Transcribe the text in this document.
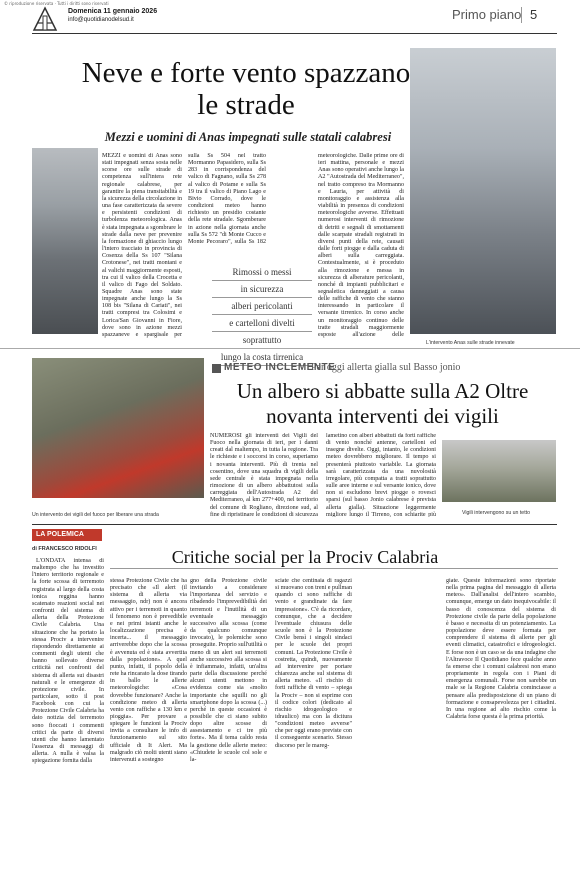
© riproduzione riservata · Tutti i diritti sono riservati
Domenica 11 gennaio 2026
info@quotidianodelsud.it	Primo piano 5
Neve e forte vento spazzano le strade
Mezzi e uomini di Anas impegnati sulle statali calabresi
L'intervento Anas sulle strade innevate
MEZZI e uomini di Anas sono stati impegnati senza sosta nelle scorse ore sulle strade di competenza sull'intera rete regionale calabrese, per garantire la piena transitabilità e la sicurezza della circolazione in una fase caratterizzata da severe e persistenti condizioni di turbolenza meteorologica. Anas è stata impegnata a sgombrare le strade dalla neve per prevenire la formazione di ghiaccio lungo l'intero tracciato in provincia di Cosenza della Ss 107 "Silana Crotonese", nei tratti montani e al valichi maggiormente esposti, tra cui il valico della Crocetta e il valico di Fago del Soldato. Squadre Anas sono state impegnate anche lungo la Ss 108 bis "Silana di Cariati", nei tratti compresi tra Colosimi e Lorica/San Giovanni in Fiore, dove sono in azione mezzi spazzaneve e spargisale per
sulla Ss 504 nel tratto Mormanno Papasidero, sulla Ss 283 in corrispondenza del valico di Fagnano, sulla Ss 278 al valico di Potame e sulla Ss 19 tra il valico di Piano Lago e Bivio Corrado, dove le condizioni meteo hanno richiesto un presidio costante della rete stradale. Sgomberare in azione nella giornata anche sulla Ss 572 "di Monte Cucco e Monte Pecoraro", sulla Ss 182
Rimossi o messi
in sicurezza
alberi pericolanti
e cartelloni divelti
soprattutto
lungo la costa tirrenica
meteorologiche. Dalle prime ore di ieri mattina, personale e mezzi Anas sono operativi anche lungo la A2 "Autostrada del Mediterraneo", nel tratto compreso tra Mormanno e Lauria, per attività di monitoraggio e assistenza alla viabilità in presenza di condizioni meteorologiche avverse. Effettuati numerosi interventi di rimozione di detriti e segnali di smottamenti dalle scarpate stradali registrati in diversi punti della rete, causati dalle forti piogge e dalla caduta di alberi sulla carreggiata. Contestualmente, si è proceduto alla rimozione e messa in sicurezza di alberature pericolanti, nonché di impianti pubblicitari e segnaletica danneggiati a causa delle raffiche di vento che stanno interessando in particolare il versante tirrenico. In corso anche un monitoraggio continuo delle tratte stradali maggiormente esposte all'azione delle
METEO INCLEMENTE
Per oggi allerta gialla sul Basso jonio
Un albero si abbatte sulla A2 Oltre novanta interventi dei vigili
Un intervento dei vigili del fuoco per liberare una strada	Vigili intervengono su un tetto
NUMEROSI gli interventi dei Vigili del Fuoco nella giornata di ieri, per i danni creati dal maltempo, in tutta la regione. Tra le richieste e i soccorsi in corso, superiamo i novanta interventi. Più di trenta nel cosentino, dove una squadra di vigili della sede centrale è stata impegnata nella rimozione di un albero abbattutosi sulla carreggiata dell'Autostrada A2 del Mediterraneo, al km 277+400, nel territorio del comune di Rogliano, direzione sud, al fine di ripristinare le condizioni di sicurezza
lametino con alberi abbattuti da forti raffiche di vento nonché antenne, cartelloni ed insegne divelte. Oggi, intanto, le condizioni meteo dovrebbero migliorare. Il tempo si presenterà piuttosto variabile. La giornata sarà caratterizzata da una nuvolosità irregolare, più compatta a tratti soprattutto sulle aree interne e sul versante ionico, dove non si escludono brevi piogge o rovesci sparsi (sul basso Jonio calabrese è prevista allerta gialla). Situazione leggermente migliore lungo il Tirreno, con schiarite più
LA POLEMICA
di FRANCESCO RIDOLFI	Critiche social per la Prociv Calabria
L'ONDATA intensa di maltempo che ha investito l'intero territorio regionale e la forte scossa di terremoto registrata al largo della costa ionica reggina hanno scatenato reazioni social nei confronti del sistema di allerta della Protezione Civile Calabria. Una situazione che ha portato la stessa Prociv a intervenire rispondendo direttamente ai commenti degli utenti che hanno sollevato diverse criticità nei confronti del sistema di allerta sui disastri naturali e le emergenze di protezione civile. In particolare, sotto il post Facebook con cui la Protezione Civile Calabria ha dato notizia del terremoto sono fioccati i commenti critici da parte di diversi utenti che hanno lamentato l'assenza di messaggi di allerta. A nulla è valsa la spiegazione fornita dalla
stessa Protezione Civile che ha precisato che «Il alert (il sistema di allerta via messaggio, ndr) non è ancora attivo per i terremoti in quanto il fenomeno non è prevedibile e nei primi istanti anche le localizzazione precisa è incerta... il messaggio arriverebbe dopo che la scossa è avvenuta ed è stata avvertita dalla popolazione». A quel punto, infatti, il popolo della rete ha rincarato la dose tirando in ballo le allerte meteorologiche: «Cosa dovrebbe funzionare? Anche la condizione meteo di allerta vento con raffiche a 130 km e pioggia». Per provare a spiegare le funzioni la Prociv invita a consultare le info di funzionamento sul sito ufficiale di It Alert. Ma malgrado ciò molti utenti siano intervenuti a sostegno
gno della Protezione civile invitando a considerare l'importanza del servizio e ribadendo l'imprevedibilità dei terremoti e l'inutilità di un eventuale messaggio successivo alla scossa (come da qualcuno comunque invocato), le polemiche sono proseguite. Proprio sull'utilità o meno di un alert sui terremoti anche successivo alla scossa si è infiammato, infatti, un'altra parte della discussione perché alcuni utenti mettono in evidenza come sia «molto importante che squilli no gli smartphone dopo la scossa (...) perché in queste occasioni è possibile che ci siano subito dopo altre scosse di assestamento e ci tre più forte». Ma il tema caldo resta la gestione delle allerte meteo: «Chiudete le scuole col sole e la-
sciate che centinaia di ragazzi si muovano con treni e pullman quando ci sono raffiche di vento e grandinate da fare impressione». C'è da ricordare, comunque, che a decidere l'eventuale chiusura delle scuole non è la Protezione Civile bensì i singoli sindaci per le scuole dei propri comuni. La Protezione Civile è costretta, quindi, nuovamente ad intervenire per portare chiarezza anche sul sistema di allerta meteo. «Il rischio di forti raffiche di vento – spiega la Prociv – non si esprime con il codice colori (dedicato al rischio idrogeologico e idraulico) ma con la dicitura "condizioni meteo avverse" che per oggi erano previste con il conseguente scenario. Stesso discorso per le mareg-
giate. Queste informazioni sono riportate nella prima pagina del messaggio di allerta meteo». Dall'analisi dell'intero scambio, comunque, emerge un dato inequivocabile: il basso di conoscenza del sistema di Protezione civile da parte della popolazione è basso e necessita di un potenziamento. La popolazione deve essere formata per comprendere il sistema di allerte per gli eventi climatici, catastrofici e idrogeologici. E forse non è un caso se da una indagine che l'Altravoce Il Quotidiano fece qualche anno fa emerse che i comuni calabresi non erano propriamente in regola con i Piani di emergenza comunali. Forse non sarebbe un male se la Regione Calabria cominciasse a pensare alla predisposizione di un piano di formazione e consapevolezza per i cittadini. In una regione ad alto rischio come la Calabria forse questa è la prima priorità.
